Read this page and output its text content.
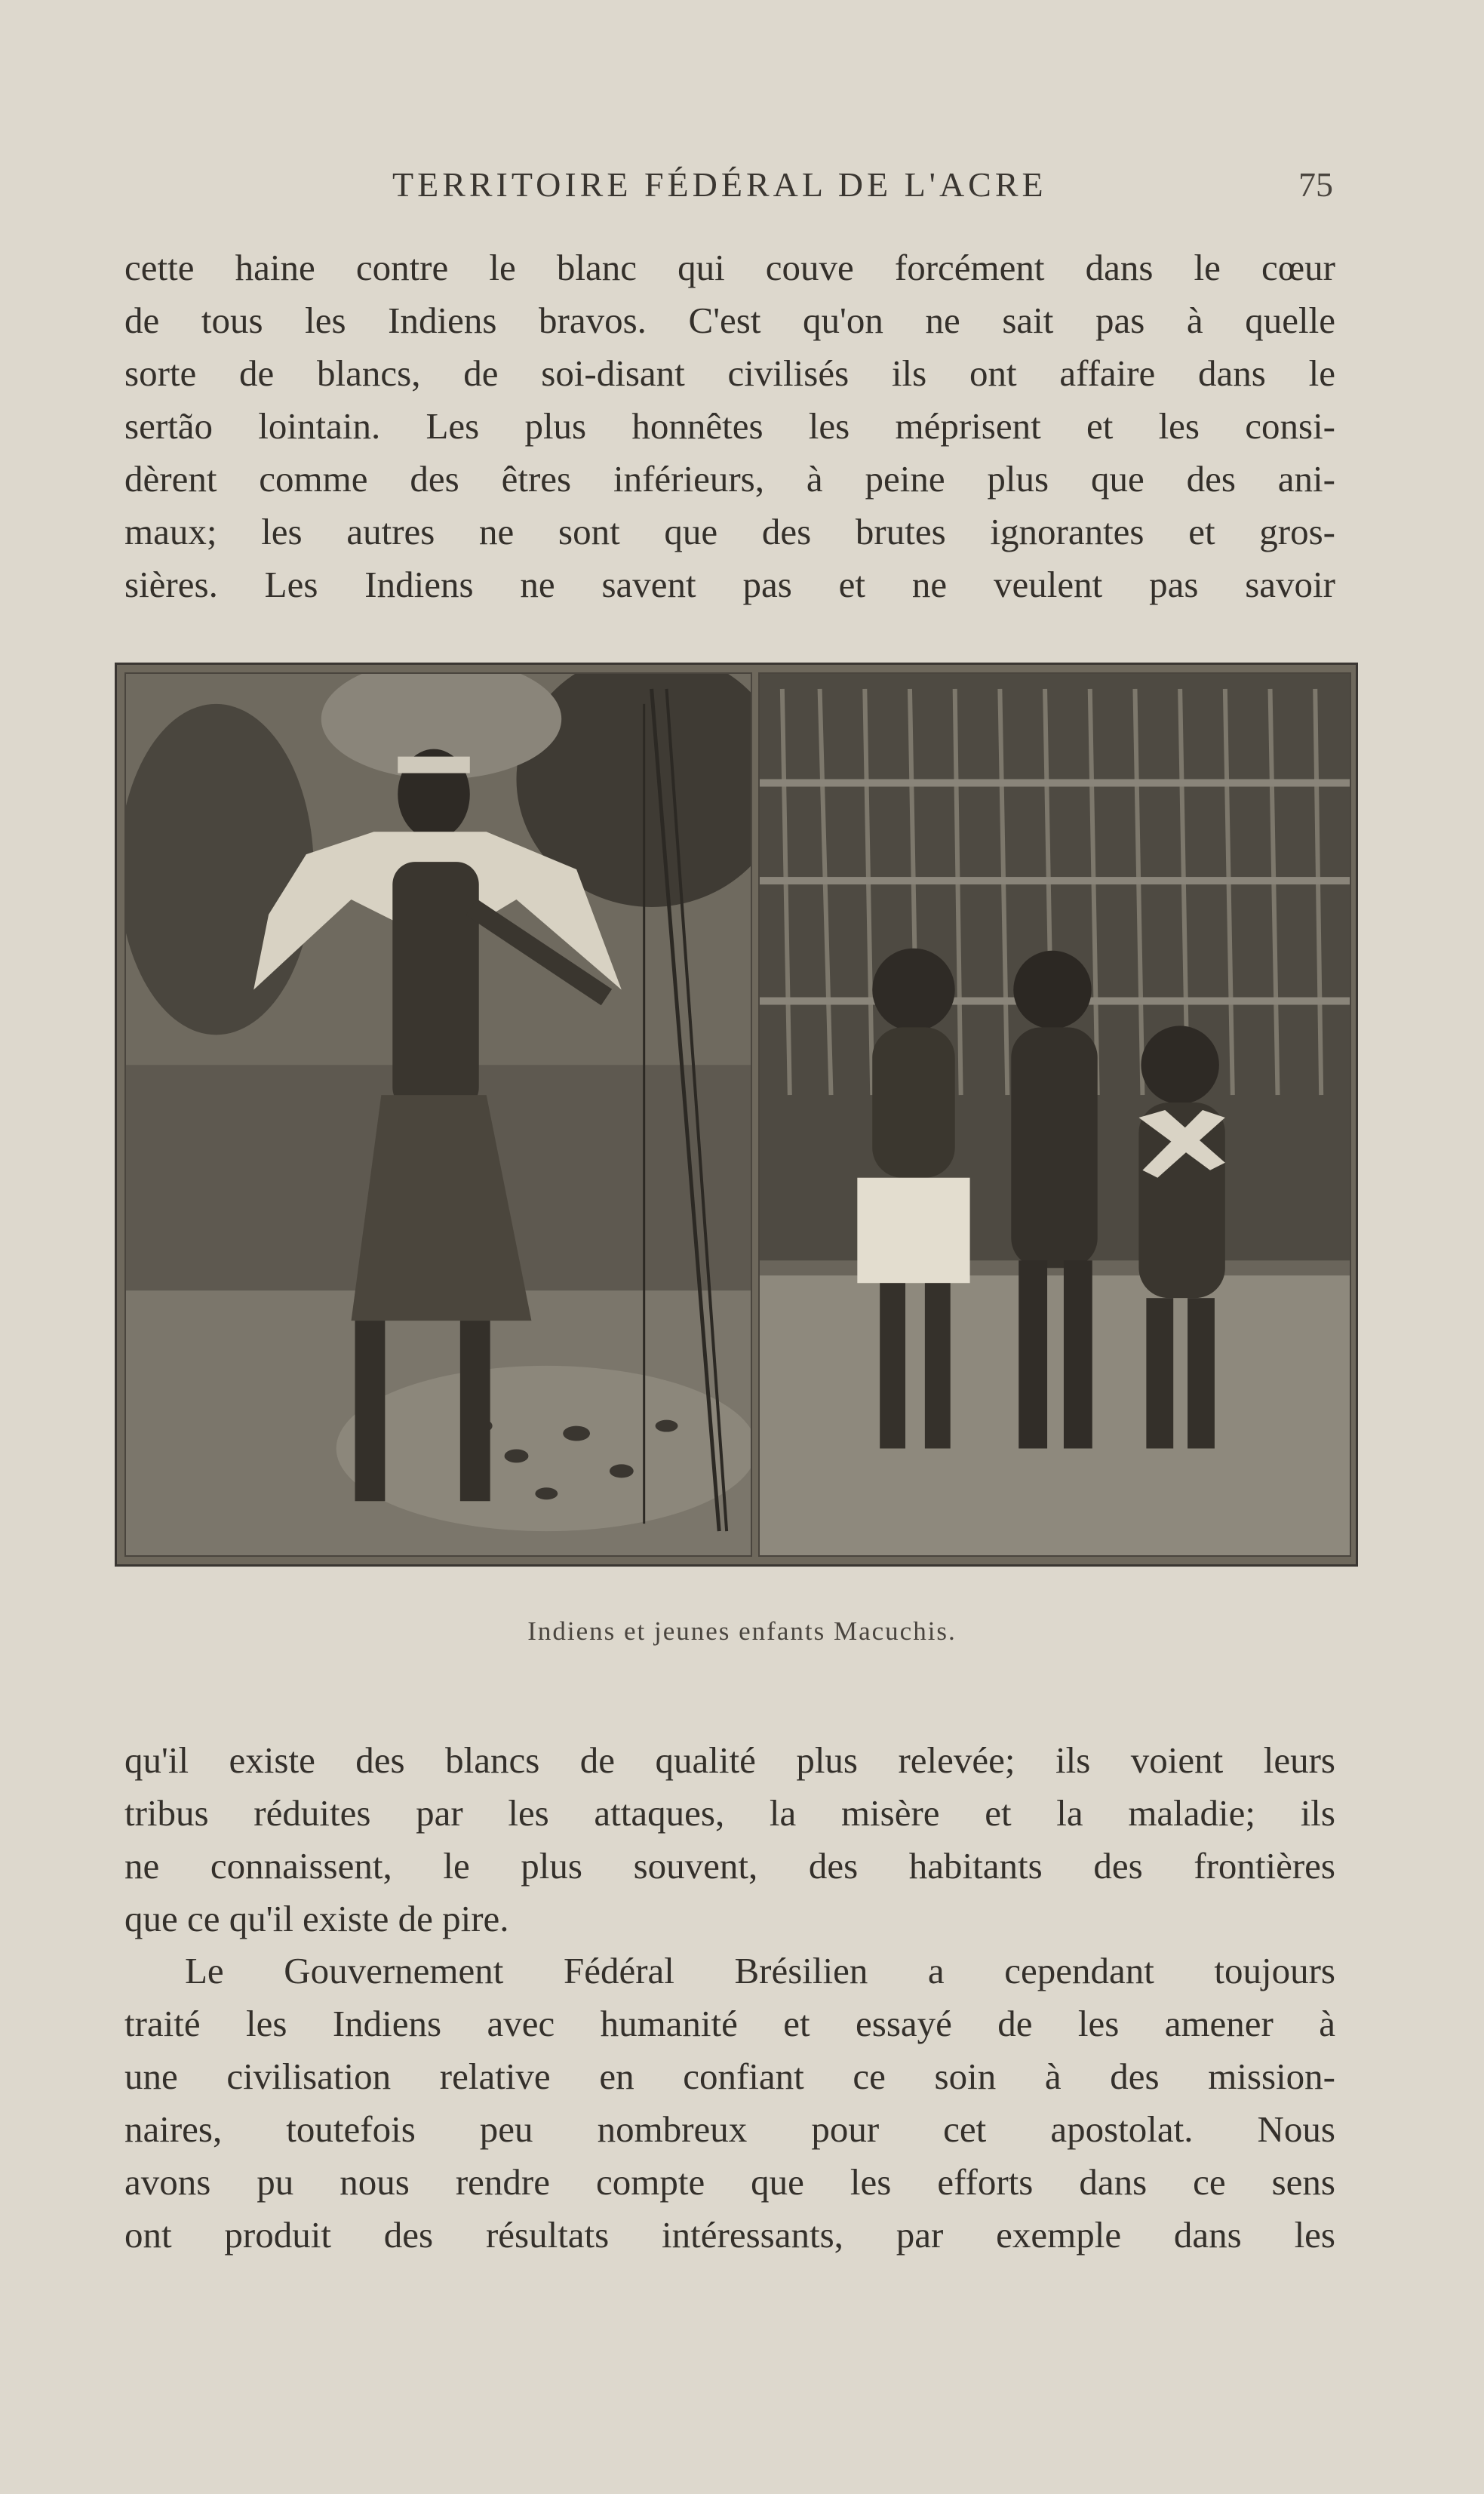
TERRITOIRE FÉDÉRAL DE L'ACRE	75
cette haine contre le blanc qui couve forcément dans le cœur
de tous les Indiens bravos. C'est qu'on ne sait pas à quelle
sorte de blancs, de soi-disant civilisés ils ont affaire dans le
sertão lointain. Les plus honnêtes les méprisent et les consi-
dèrent comme des êtres inférieurs, à peine plus que des ani-
maux; les autres ne sont que des brutes ignorantes et gros-
sières. Les Indiens ne savent pas et ne veulent pas savoir
Indiens et jeunes enfants Macuchis.
qu'il existe des blancs de qualité plus relevée; ils voient leurs
tribus réduites par les attaques, la misère et la maladie; ils
ne connaissent, le plus souvent, des habitants des frontières
que ce qu'il existe de pire.
Le Gouvernement Fédéral Brésilien a cependant toujours
traité les Indiens avec humanité et essayé de les amener à
une civilisation relative en confiant ce soin à des mission-
naires, toutefois peu nombreux pour cet apostolat. Nous
avons pu nous rendre compte que les efforts dans ce sens
ont produit des résultats intéressants, par exemple dans les
